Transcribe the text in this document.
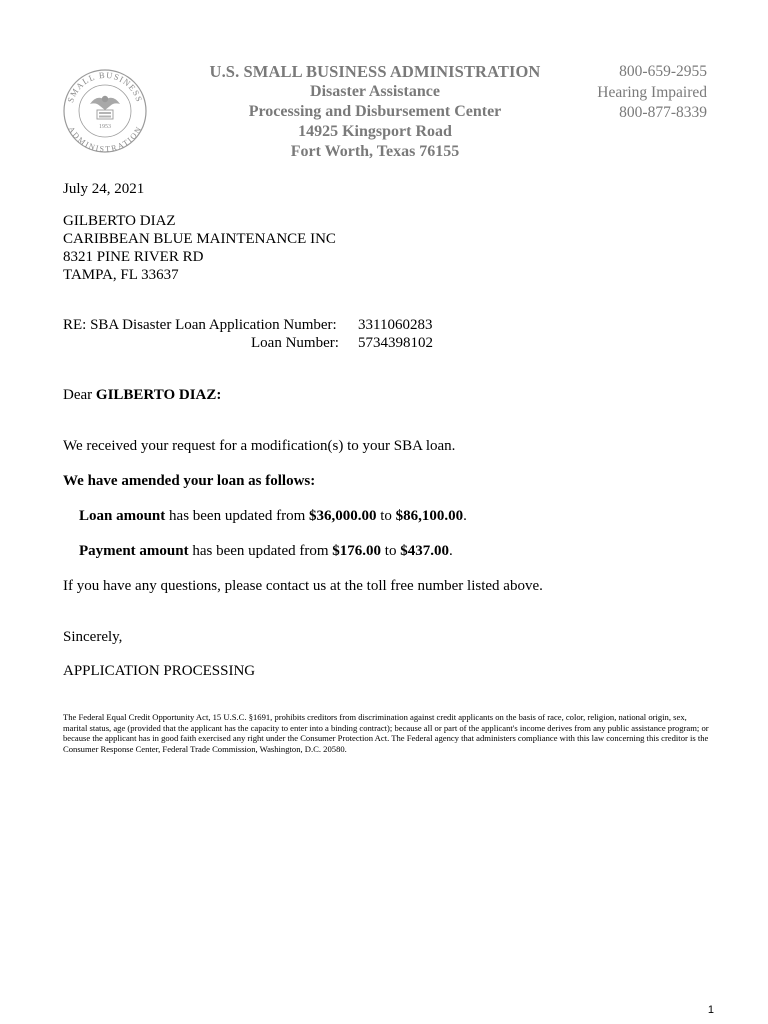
SMALL BUSINESS
ADMINISTRATION
1953
U.S. SMALL BUSINESS ADMINISTRATION
Disaster Assistance
Processing and Disbursement Center
14925 Kingsport Road
Fort Worth, Texas 76155
800-659-2955
Hearing Impaired
800-877-8339
July 24, 2021
GILBERTO DIAZ
CARIBBEAN BLUE MAINTENANCE INC
8321 PINE RIVER RD
TAMPA, FL 33637
RE: SBA Disaster Loan Application Number: 3311060283
Loan Number: 5734398102
Dear GILBERTO DIAZ:
We received your request for a modification(s) to your SBA loan.
We have amended your loan as follows:
Loan amount has been updated from $36,000.00 to $86,100.00.
Payment amount has been updated from $176.00 to $437.00.
If you have any questions, please contact us at the toll free number listed above.
Sincerely,
APPLICATION PROCESSING
The Federal Equal Credit Opportunity Act, 15 U.S.C. §1691, prohibits creditors from discrimination against credit applicants on the basis of race, color, religion, national origin, sex, marital status, age (provided that the applicant has the capacity to enter into a binding contract); because all or part of the applicant's income derives from any public assistance program; or because the applicant has in good faith exercised any right under the Consumer Protection Act. The Federal agency that administers compliance with this law concerning this creditor is the Consumer Response Center, Federal Trade Commission, Washington, D.C. 20580.
1
